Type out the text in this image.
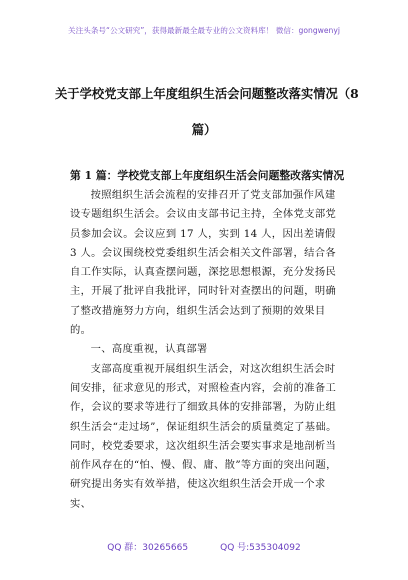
关注头条号“公文研究”，获得最新最全最专业的公文资料库！ 微信：gongwenyj
关于学校党支部上年度组织生活会问题整改落实情况（8
篇）
第 1 篇：学校党支部上年度组织生活会问题整改落实情况

按照组织生活会流程的安排召开了党支部加强作风建设专题组织生活会。会议由支部书记主持，全体党支部党员参加会议。会议应到 17 人，实到 14 人，因出差请假 3 人。会议围绕校党委组织生活会相关文件部署，结合各自工作实际，认真查摆问题，深挖思想根源，充分发扬民主，开展了批评自我批评，同时针对查摆出的问题，明确了整改措施努力方向，组织生活会达到了预期的效果目的。

一、高度重视，认真部署

支部高度重视开展组织生活会，对这次组织生活会时间安排，征求意见的形式，对照检查内容，会前的准备工作，会议的要求等进行了细致具体的安排部署，为防止组织生活会“走过场”，保证组织生活会的质量奠定了基础。同时，校党委要求，这次组织生活会要实事求是地剖析当前作风存在的“怕、慢、假、庸、散”等方面的突出问题，研究提出务实有效举措，使这次组织生活会开成一个求实、

QQ 群：30265665	QQ 号:535304092
